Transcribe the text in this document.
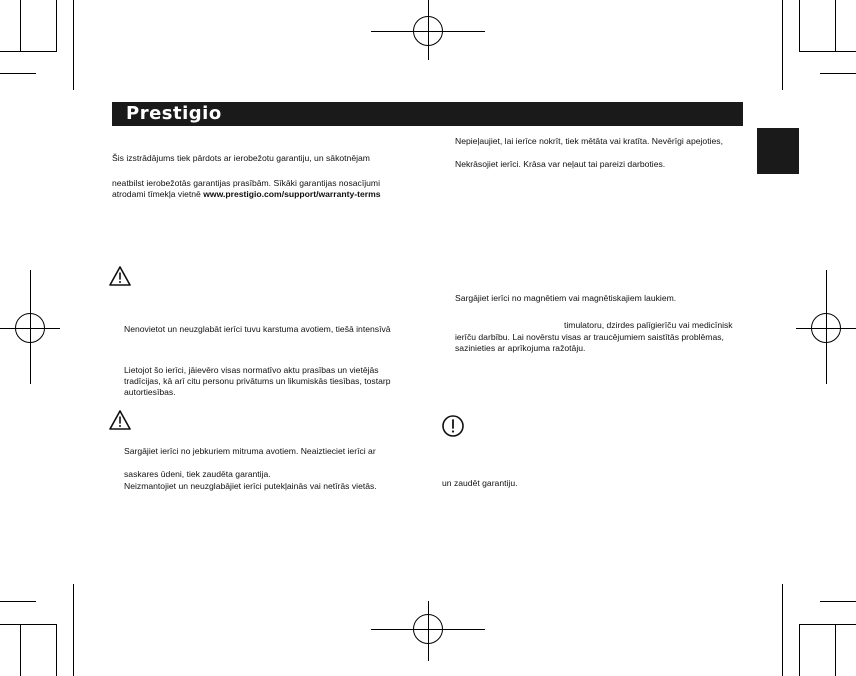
Prestigio
Šis izstrādājums tiek pārdots ar ierobežotu garantiju, un sākotnējam
neatbilst ierobežotās garantijas prasībām. Sīkāki garantijas nosacījumi
atrodami tīmekļa vietnē www.prestigio.com/support/warranty-terms
Nenovietot un neuzglabāt ierīci tuvu karstuma avotiem, tiešā intensīvā
Lietojot šo ierīci, jāievēro visas normatīvo aktu prasības un vietējās
tradīcijas, kā arī citu personu privātums un likumiskās tiesības, tostarp
autortiesības.
Sargājiet ierīci no jebkuriem mitruma avotiem. Neaiztieciet ierīci ar
saskares ūdeni, tiek zaudēta garantija.
Neizmantojiet un neuzglabājiet ierīci putekļainās vai netīrās vietās.
Nepieļaujiet, lai ierīce nokrīt, tiek mētāta vai kratīta. Nevērīgi apejoties,
Nekrāsojiet ierīci. Krāsa var neļaut tai pareizi darboties.
Sargājiet ierīci no magnētiem vai magnētiskajiem laukiem.
timulatoru, dzirdes palīgierīču vai medicīnisk
ierīču darbību. Lai novērstu visas ar traucējumiem saistītās problēmas,
sazinieties ar aprīkojuma ražotāju.
un zaudēt garantiju.
